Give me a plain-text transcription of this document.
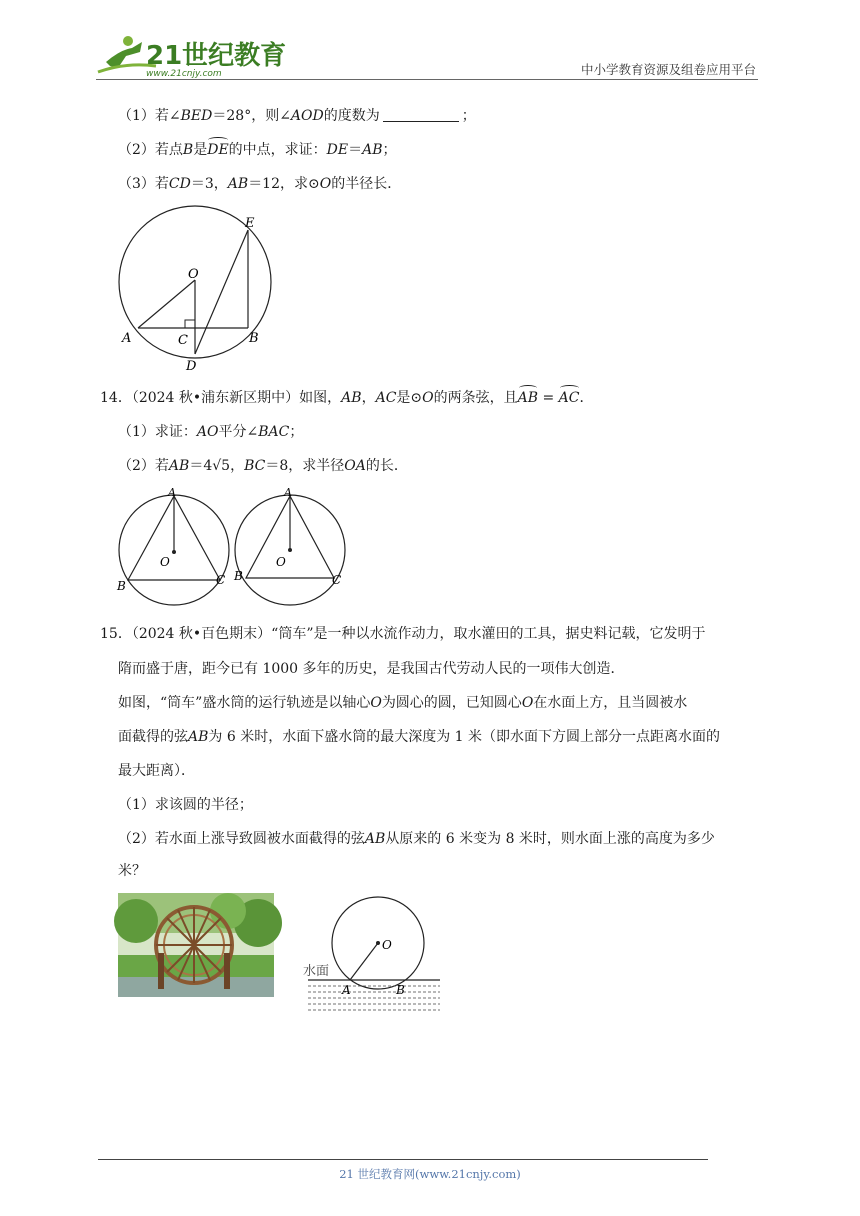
21世纪教育
www.21cnjy.com	中小学教育资源及组卷应用平台
（1）若∠BED＝28°，则∠AOD的度数为	；
（2）若点B是DE的中点，求证：DE＝AB；
（3）若CD＝3，AB＝12，求⊙O的半径长．
O
E
A	B
C
D
14．（2024 秋•浦东新区期中）如图，AB，AC是⊙O的两条弦，且AB = AC．
（1）求证：AO平分∠BAC；
（2）若AB＝4√5，BC＝8，求半径OA的长．
A
O
B	C
A
O
B	C
15．（2024 秋•百色期末）“筒车”是一种以水流作动力，取水灌田的工具，据史料记载，它发明于
隋而盛于唐，距今已有 1000 多年的历史，是我国古代劳动人民的一项伟大创造．
如图，“筒车”盛水筒的运行轨迹是以轴心O为圆心的圆，已知圆心O在水面上方，且当圆被水
面截得的弦AB为 6 米时，水面下盛水筒的最大深度为 1 米（即水面下方圆上部分一点距离水面的
最大距离）．
（1）求该圆的半径；
（2）若水面上涨导致圆被水面截得的弦AB从原来的 6 米变为 8 米时，则水面上涨的高度为多少
米？
O
水面
A	B
21 世纪教育网(www.21cnjy.com)
